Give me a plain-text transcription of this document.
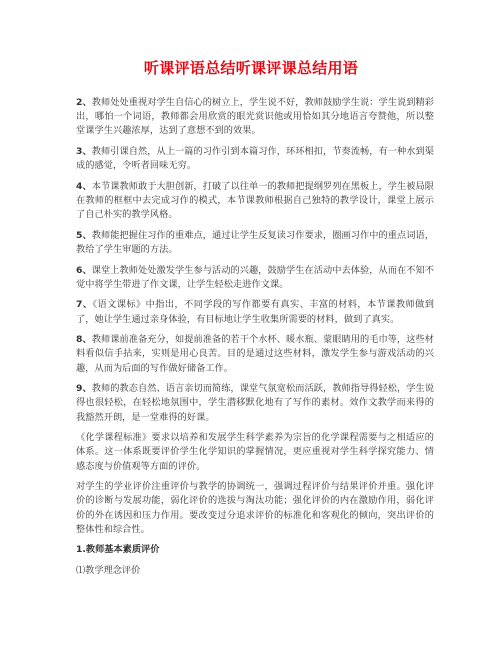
听课评语总结听课评课总结用语

2、教师处处重视对学生自信心的树立上，学生说不好，教师鼓励学生说：学生说到精彩出，哪怕一个词语，教师都会用欣赏的眼光赏识他或用恰如其分地语言夸赞他，所以整堂课学生兴趣浓厚，达到了意想不到的效果。

3、教师引课自然，从上一篇的习作引到本篇习作，环环相扣，节奏流畅，有一种水到渠成的感觉，令听者回味无穷。

4、本节课教师敢于大胆创新，打破了以往单一的教师把提纲罗列在黑板上，学生被局限在教师的框框中去完成习作的模式，本节课教师根据自己独特的教学设计，课堂上展示了自己朴实的教学风格。

5、教师能把握住习作的重难点，通过让学生反复读习作要求，圈画习作中的重点词语，教给了学生审题的方法。

6、课堂上教师处处激发学生参与活动的兴趣，鼓励学生在活动中去体验，从而在不知不觉中将学生带进了作文课，让学生轻松走进作文课。

7、《语文课标》中指出，不同学段的写作都要有真实、丰富的材料，本节课教师做到了，她让学生通过亲身体验，有目标地让学生收集所需要的材料，做到了真实。

8、教师课前准备充分，如提前准备的若干个水杯、暖水瓶、蒙眼睛用的毛巾等，这些材料看似信手拈来，实则是用心良苦。目的是通过这些材料，激发学生参与游戏活动的兴趣，从而为后面的写作做好储备工作。

9、教师的教态自然、语言亲切而简练，课堂气氛宽松而活跃，教师指导得轻松，学生说得也很轻松，在轻松地氛围中，学生潜移默化地有了写作的素材。效作文教学而来得的我豁然开朗，是一堂难得的好课。

《化学课程标准》要求以培养和发展学生科学素养为宗旨的化学课程需要与之相适应的体系。这一体系既要评价学生化学知识的掌握情况，更应重视对学生科学探究能力、情感态度与价值观等方面的评价。

对学生的学业评价注重评价与教学的协调统一，强调过程评价与结果评价并重。强化评价的诊断与发展功能，弱化评价的选拔与淘汰功能；强化评价的内在激励作用，弱化评价的外在诱因和压力作用。要改变过分追求评价的标准化和客观化的倾向，突出评价的整体性和综合性。

1.教师基本素质评价

⑴教学理念评价
